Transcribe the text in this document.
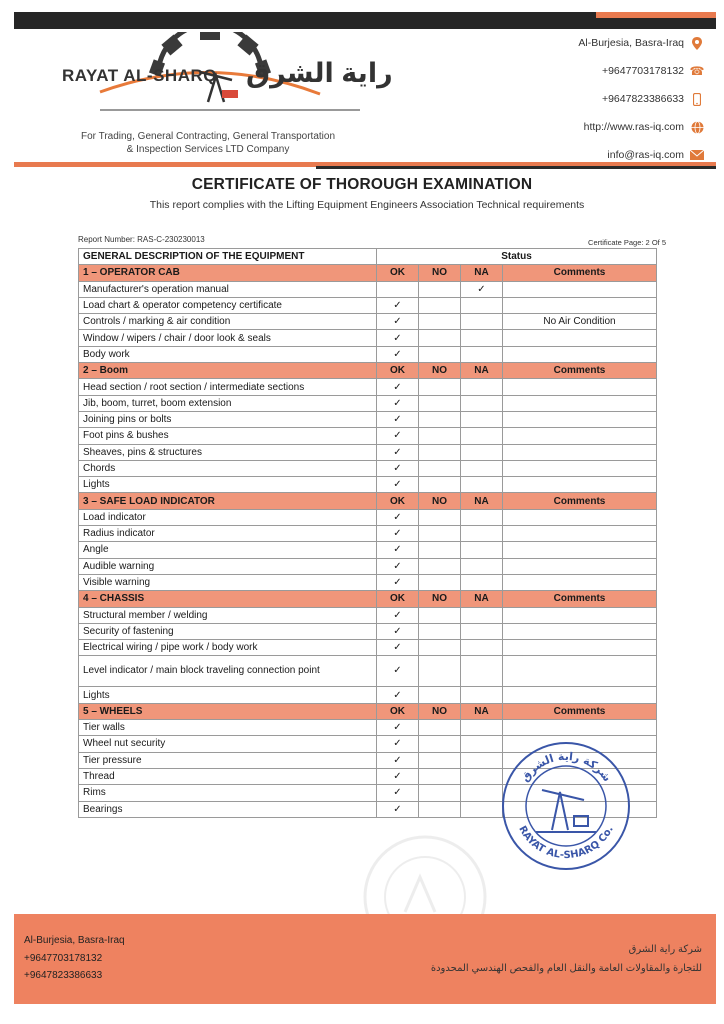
RAYAT AL-SHARQ راية الشرق
For Trading, General Contracting, General Transportation
& Inspection Services LTD Company
Al-Burjesia, Basra-Iraq
+9647703178132 ☎
+9647823386633
http://www.ras-iq.com
info@ras-iq.com
CERTIFICATE OF THOROUGH EXAMINATION
This report complies with the Lifting Equipment Engineers Association Technical requirements
Report Number: RAS-C-230230013	Certificate Page: 2 Of 5
GENERAL DESCRIPTION OF THE EQUIPMENT	Status			
1 – OPERATOR CAB	OK	NO	NA	Comments
Manufacturer's operation manual			✓	
Load chart & operator competency certificate	✓			
Controls / marking & air condition	✓			No Air Condition
Window / wipers / chair / door look & seals	✓			
Body work	✓			
2 – Boom	OK	NO	NA	Comments
Head section / root section / intermediate sections	✓			
Jib, boom, turret, boom extension	✓			
Joining pins or bolts	✓			
Foot pins & bushes	✓			
Sheaves, pins & structures	✓			
Chords	✓			
Lights	✓			
3 – SAFE LOAD INDICATOR	OK	NO	NA	Comments
Load indicator	✓			
Radius indicator	✓			
Angle	✓			
Audible warning	✓			
Visible warning	✓			
4 – CHASSIS	OK	NO	NA	Comments
Structural member / welding	✓			
Security of fastening	✓			
Electrical wiring / pipe work / body work	✓			
Level indicator / main block traveling connection point	✓			
Lights	✓			
5 – WHEELS	OK	NO	NA	Comments
Tier walls	✓			
Wheel nut security	✓			
Tier pressure	✓			
Thread	✓			
Rims	✓			
Bearings	✓			
شركة راية الشرق
RAYAT AL-SHARQ Co.
Al-Burjesia, Basra-Iraq
+9647703178132
+9647823386633
شركة راية الشرق
للتجارة والمقاولات العامة والنقل العام والفحص الهندسي المحدودة
